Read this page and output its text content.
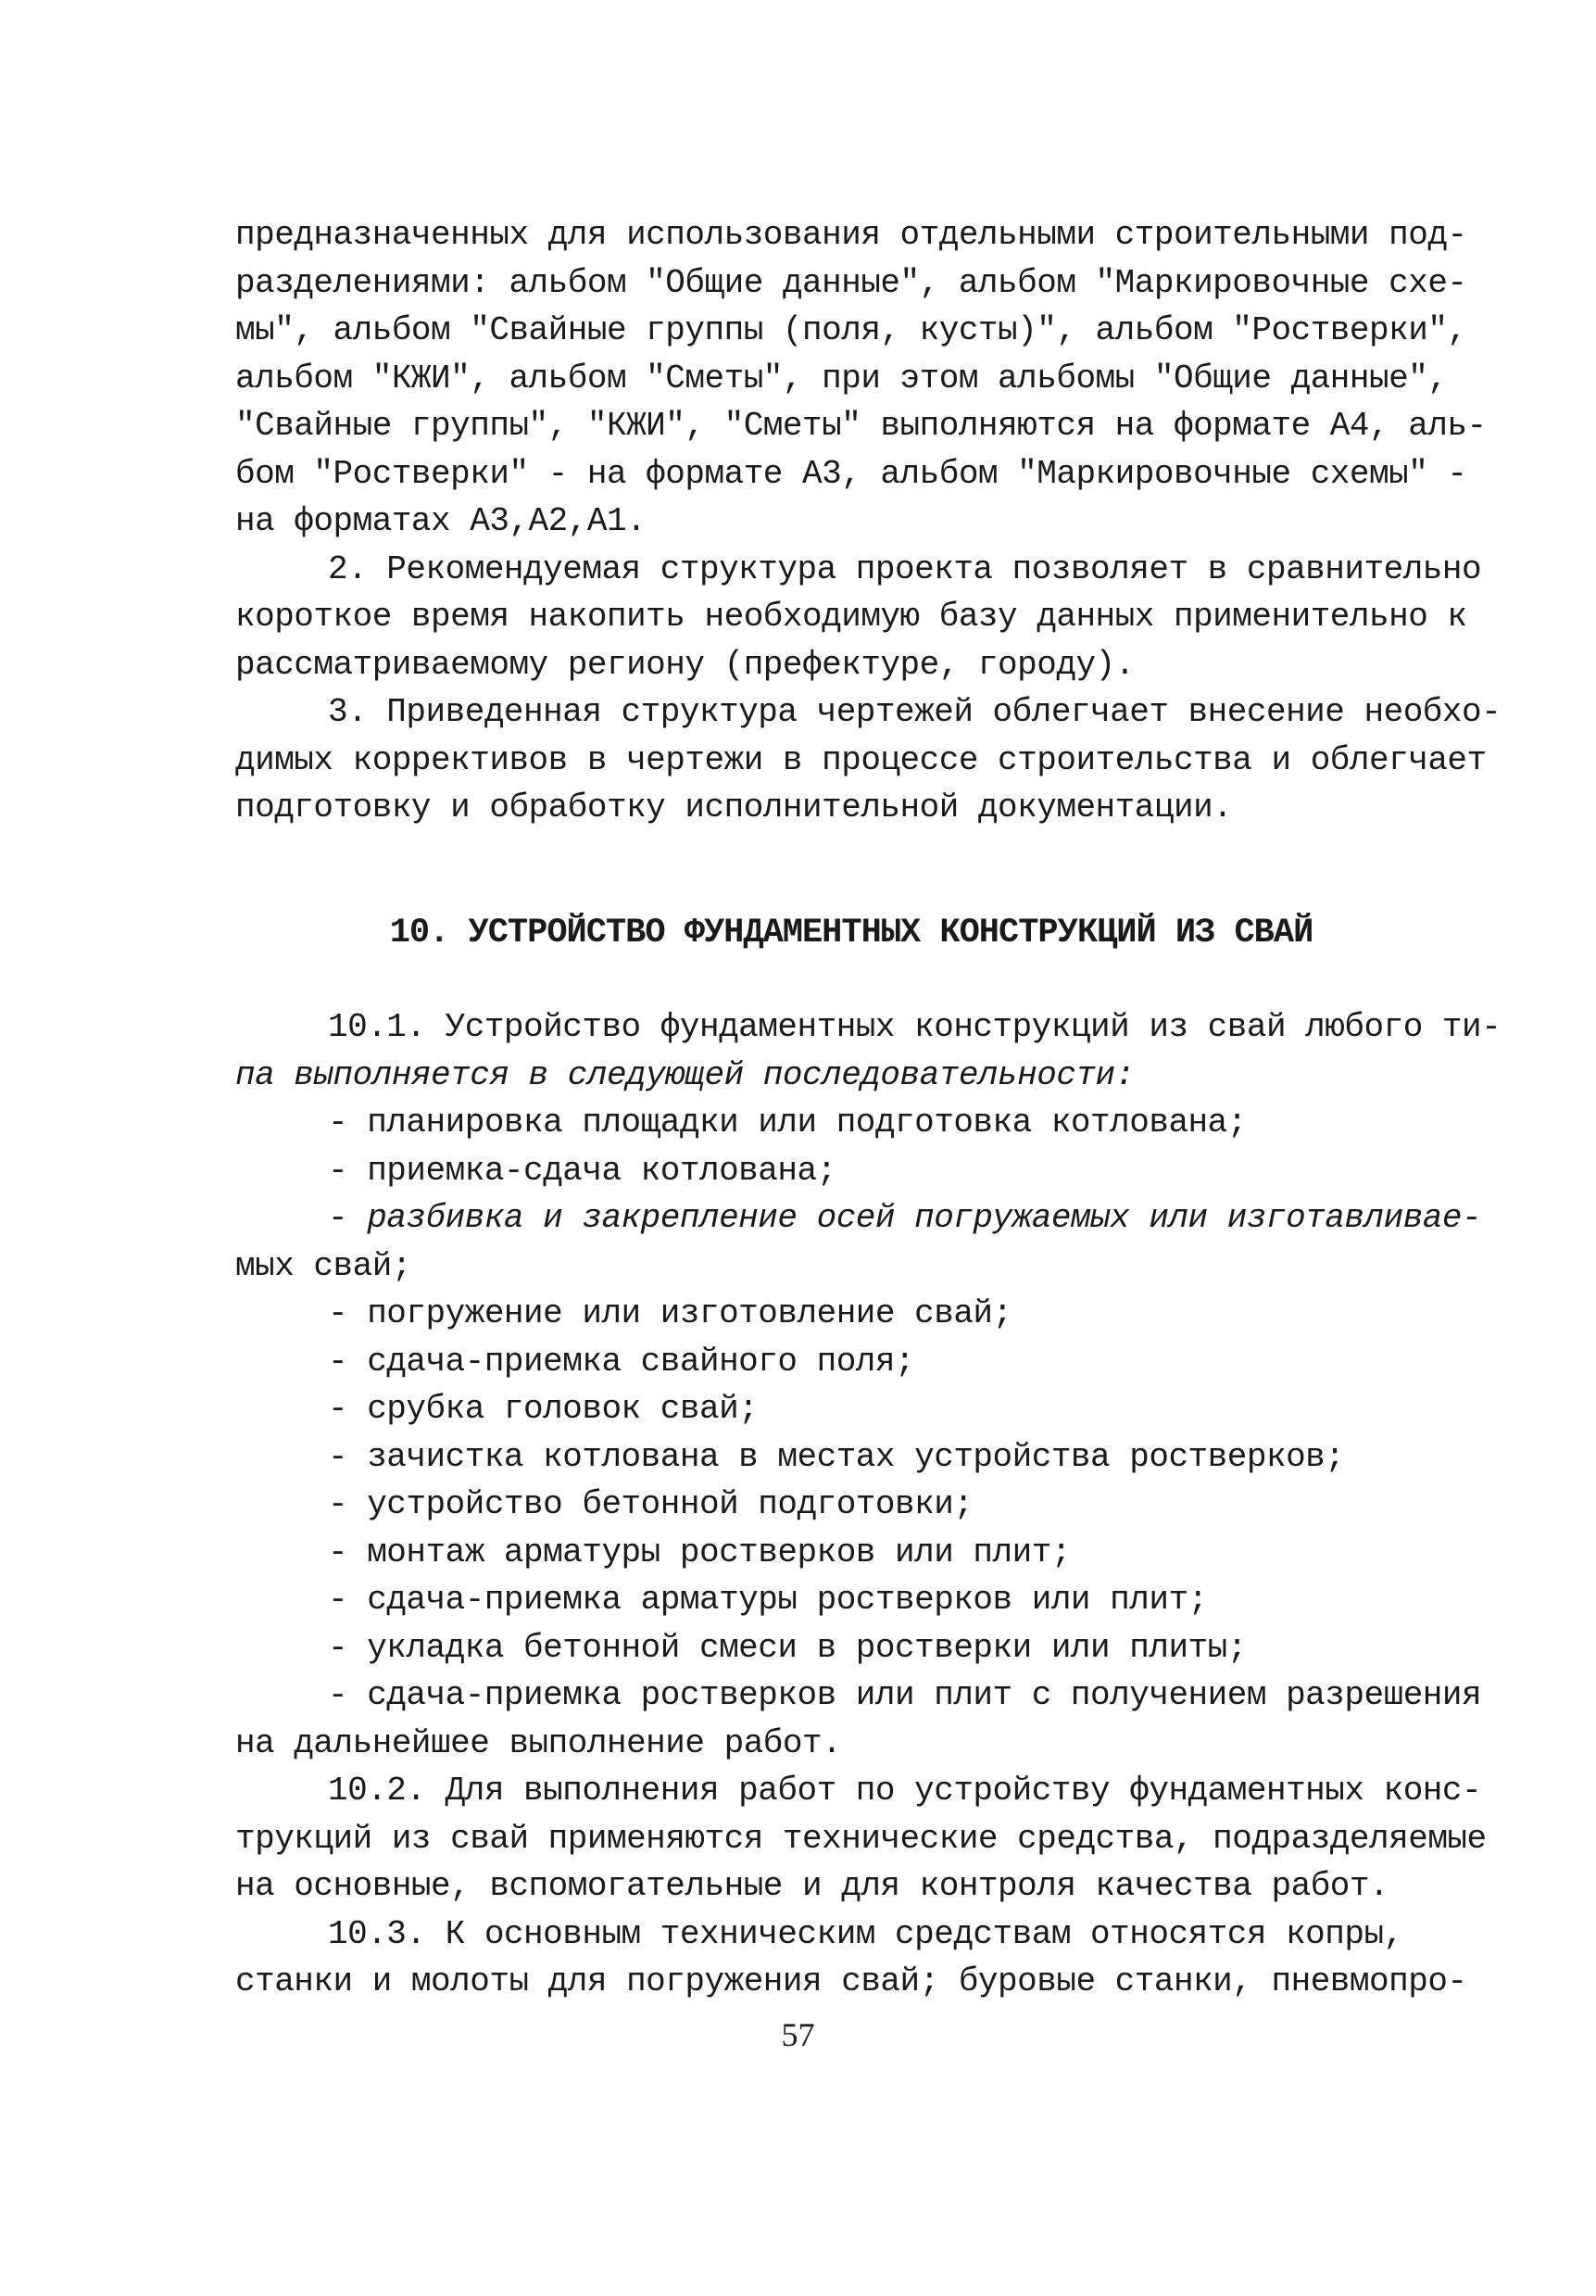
предназначенных для использования отдельными строительными под-
разделениями: альбом "Общие данные", альбом "Маркировочные схе-
мы", альбом "Свайные группы (поля, кусты)", альбом "Ростверки",
альбом "КЖИ", альбом "Сметы", при этом альбомы "Общие данные",
"Свайные группы", "КЖИ", "Сметы" выполняются на формате А4, аль-
бом "Ростверки" - на формате А3, альбом "Маркировочные схемы" -
на форматах А3,А2,А1.
2. Рекомендуемая структура проекта позволяет в сравнительно
короткое время накопить необходимую базу данных применительно к
рассматриваемому региону (префектуре, городу).
3. Приведенная структура чертежей облегчает внесение необхо-
димых коррективов в чертежи в процессе строительства и облегчает
подготовку и обработку исполнительной документации.
10. УСТРОЙСТВО ФУНДАМЕНТНЫХ КОНСТРУКЦИЙ ИЗ СВАЙ
10.1. Устройство фундаментных конструкций из свай любого ти-
па выполняется в следующей последовательности:
- планировка площадки или подготовка котлована;
- приемка-сдача котлована;
- разбивка и закрепление осей погружаемых или изготавливае-
мых свай;
- погружение или изготовление свай;
- сдача-приемка свайного поля;
- срубка головок свай;
- зачистка котлована в местах устройства ростверков;
- устройство бетонной подготовки;
- монтаж арматуры ростверков или плит;
- сдача-приемка арматуры ростверков или плит;
- укладка бетонной смеси в ростверки или плиты;
- сдача-приемка ростверков или плит с получением разрешения
на дальнейшее выполнение работ.
10.2. Для выполнения работ по устройству фундаментных конс-
трукций из свай применяются технические средства, подразделяемые
на основные, вспомогательные и для контроля качества работ.
10.3. К основным техническим средствам относятся копры,
станки и молоты для погружения свай; буровые станки, пневмопро-
57
